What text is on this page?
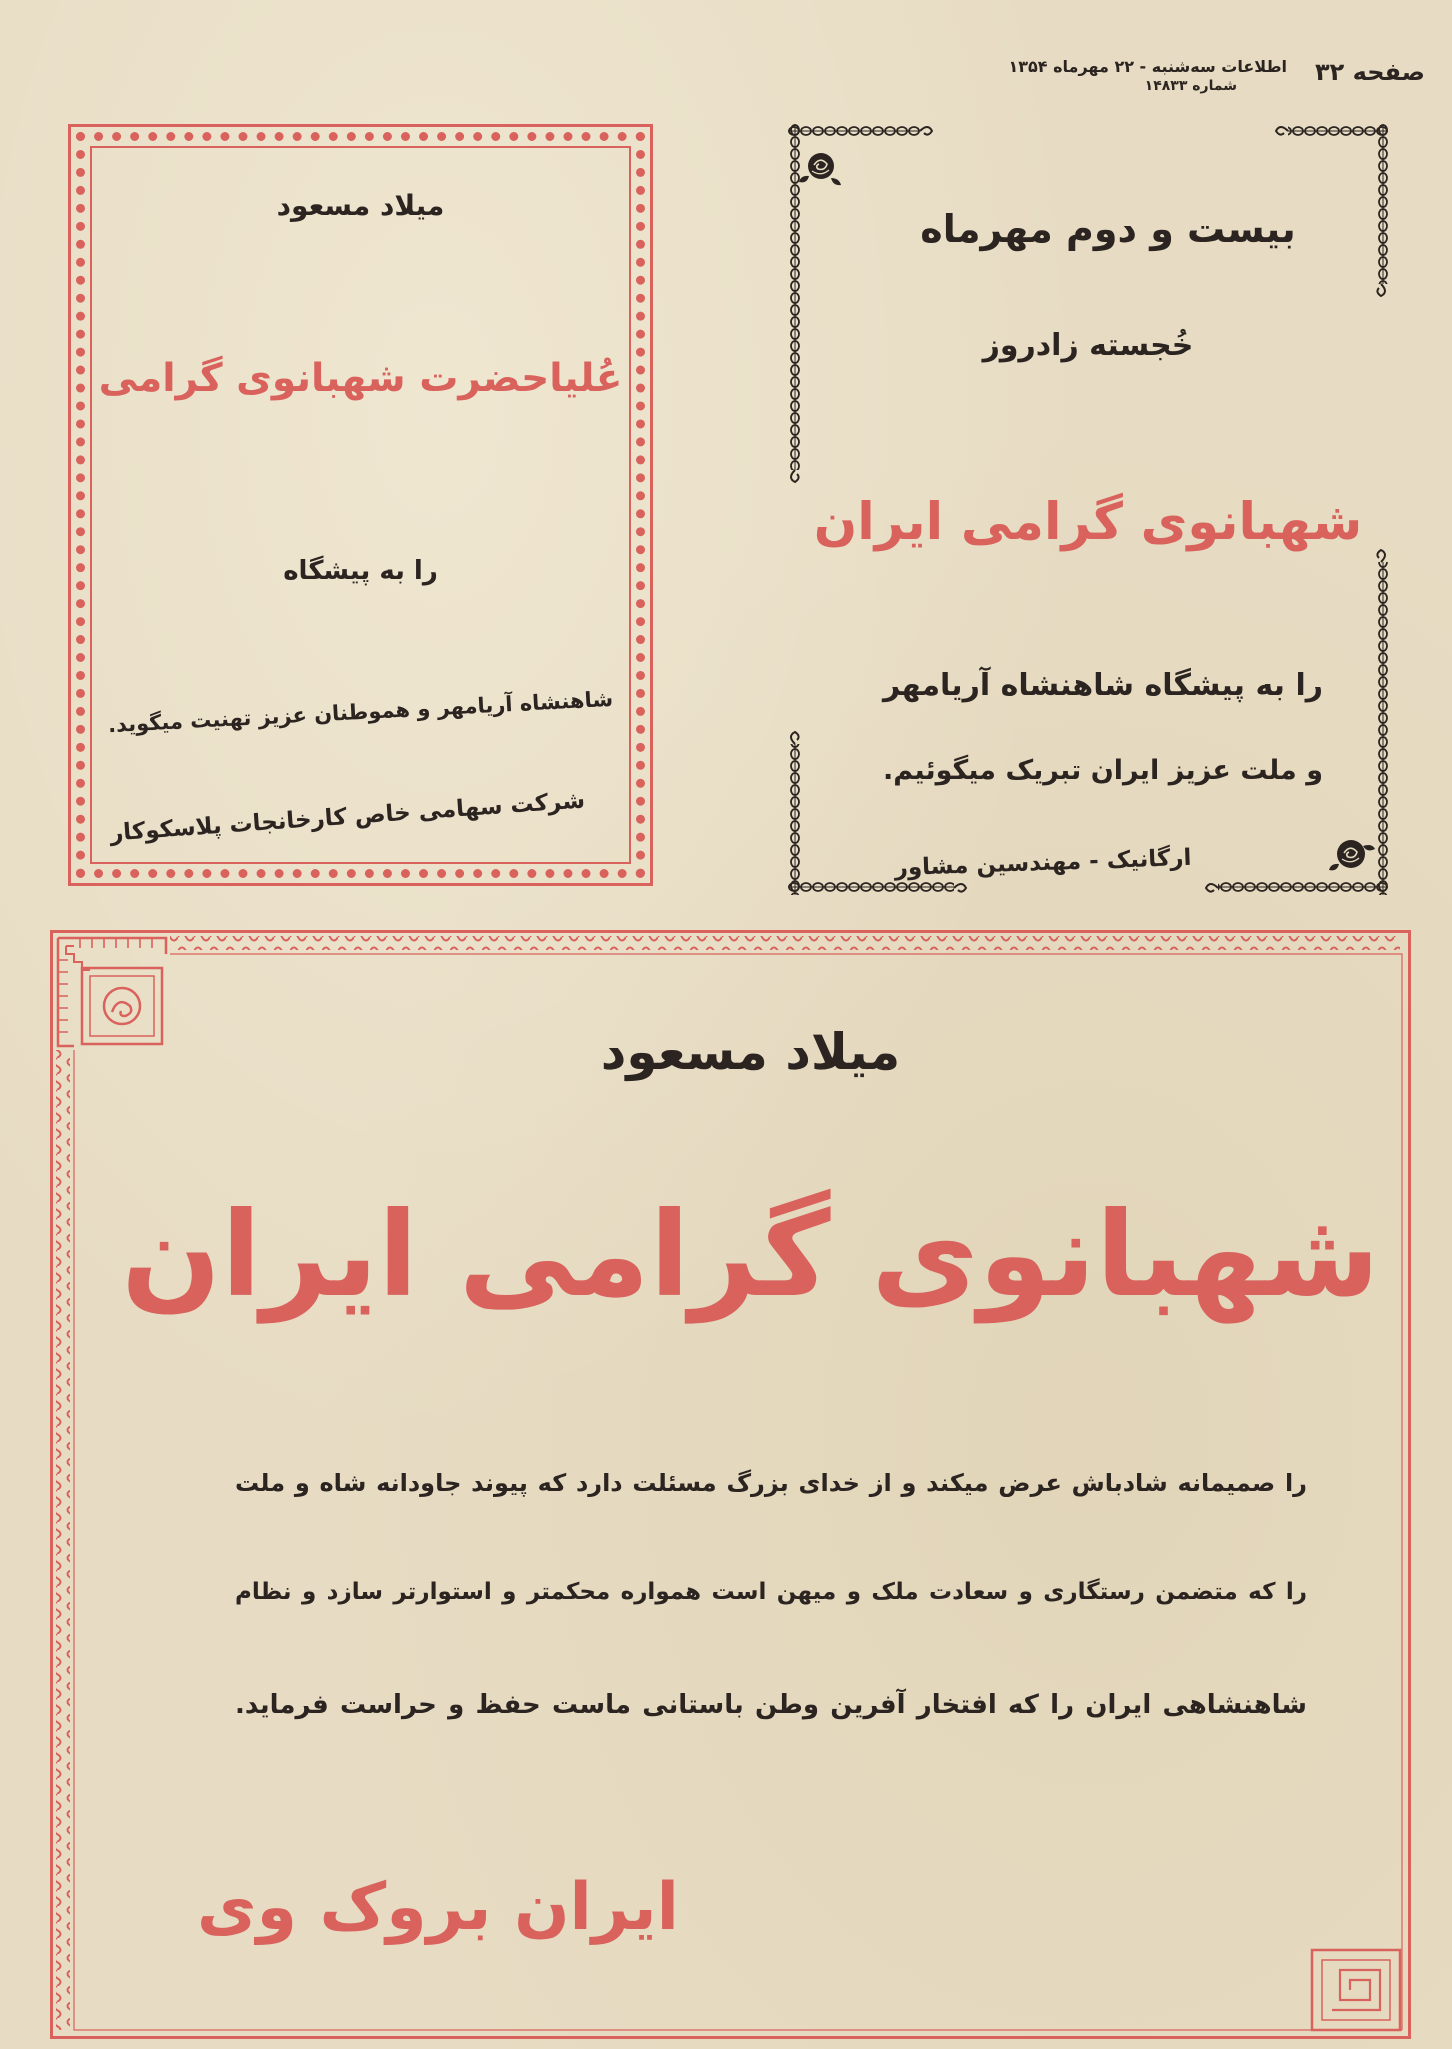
صفحه ۳۲
اطلاعات سه‌شنبه - ۲۲ مهرماه ۱۳۵۴
شماره ۱۴۸۳۳
میلاد مسعود
عُلیاحضرت شهبانوی گرامی
را به پیشگاه
شاهنشاه آریامهر و هموطنان عزیز تهنیت میگوید.
شرکت سهامی خاص کارخانجات پلاسکوکار
بیست و دوم مهرماه
خُجسته زادروز
شهبانوی گرامی ایران
را به پیشگاه شاهنشاه آریامهر
و ملت عزیز ایران تبریک میگوئیم.
ارگانیک - مهندسین مشاور
میلاد مسعود
شهبانوی گرامی ایران
را صمیمانه شادباش عرض میکند و از خدای بزرگ مسئلت دارد که پیوند جاودانه شاه و ملت
را که متضمن رستگاری و سعادت ملک و میهن است همواره محکمتر و استوارتر سازد و نظام
شاهنشاهی ایران را که افتخار آفرین وطن باستانی ماست حفظ و حراست فرماید.
ایران بروک وی
